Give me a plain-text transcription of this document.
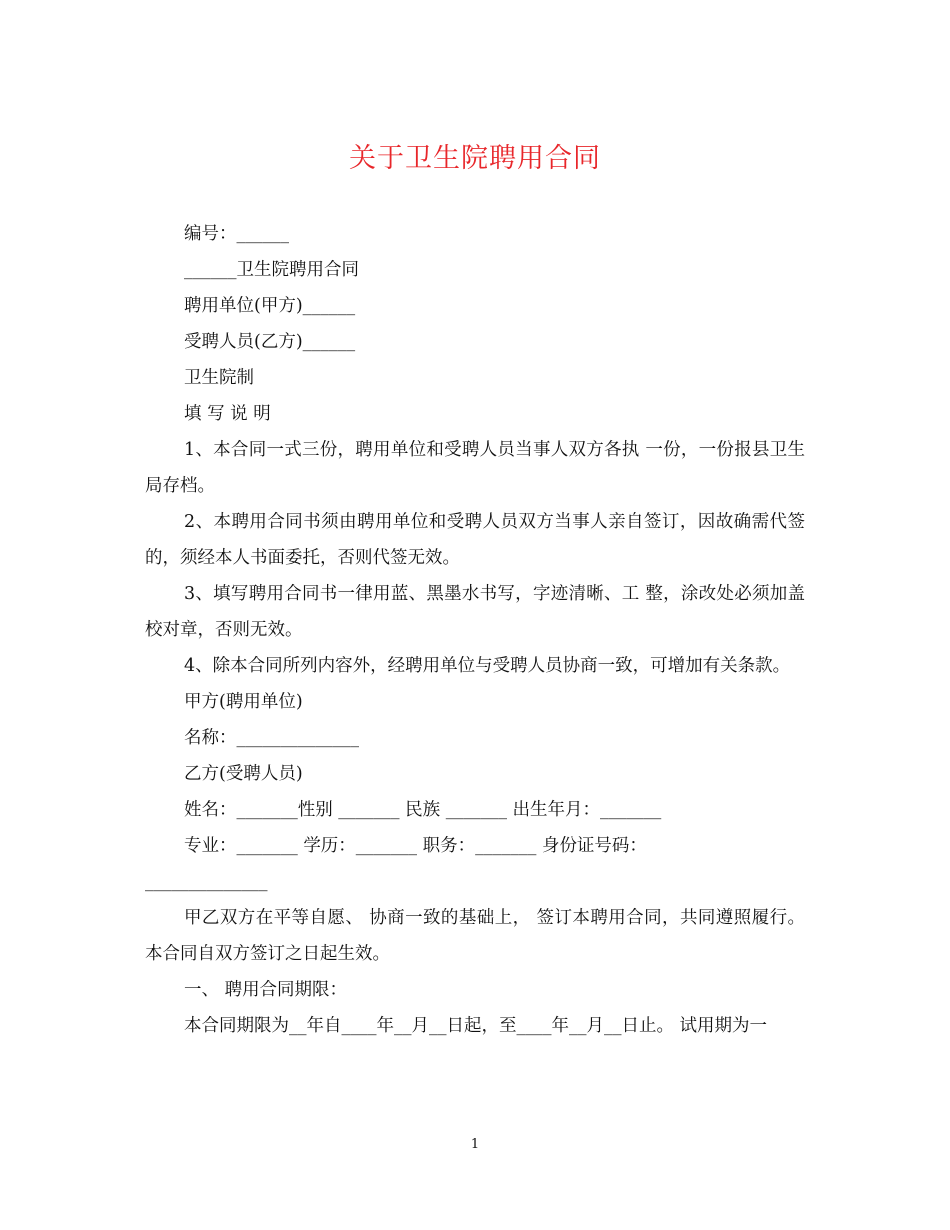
关于卫生院聘用合同
编号：______
______卫生院聘用合同
聘用单位(甲方)______
受聘人员(乙方)______
卫生院制
填 写 说 明
1、本合同一式三份，聘用单位和受聘人员当事人双方各执 一份，一份报县卫生局存档。
2、本聘用合同书须由聘用单位和受聘人员双方当事人亲自签订，因故确需代签的，须经本人书面委托，否则代签无效。
3、填写聘用合同书一律用蓝、黑墨水书写，字迹清晰、工 整，涂改处必须加盖校对章，否则无效。
4、除本合同所列内容外，经聘用单位与受聘人员协商一致，可增加有关条款。
甲方(聘用单位)
名称：______________
乙方(受聘人员)
姓名：_______性别 _______ 民族 _______ 出生年月：_______
专业：_______ 学历：_______ 职务：_______ 身份证号码：
______________
甲乙双方在平等自愿、 协商一致的基础上， 签订本聘用合同，共同遵照履行。本合同自双方签订之日起生效。
一、 聘用合同期限：
本合同期限为__年自____年__月__日起，至____年__月__日止。 试用期为一
1
